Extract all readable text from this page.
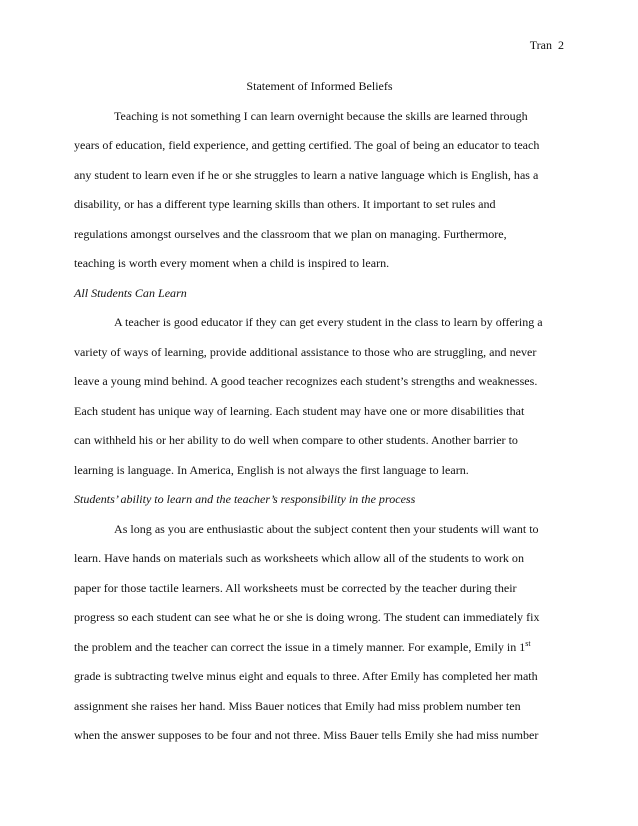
Tran 2
Statement of Informed Beliefs
Teaching is not something I can learn overnight because the skills are learned through
years of education, field experience, and getting certified. The goal of being an educator to teach
any student to learn even if he or she struggles to learn a native language which is English, has a
disability, or has a different type learning skills than others. It important to set rules and
regulations amongst ourselves and the classroom that we plan on managing. Furthermore,
teaching is worth every moment when a child is inspired to learn.
All Students Can Learn
A teacher is good educator if they can get every student in the class to learn by offering a
variety of ways of learning, provide additional assistance to those who are struggling, and never
leave a young mind behind. A good teacher recognizes each student’s strengths and weaknesses.
Each student has unique way of learning. Each student may have one or more disabilities that
can withheld his or her ability to do well when compare to other students. Another barrier to
learning is language. In America, English is not always the first language to learn.
Students’ ability to learn and the teacher’s responsibility in the process
As long as you are enthusiastic about the subject content then your students will want to
learn. Have hands on materials such as worksheets which allow all of the students to work on
paper for those tactile learners. All worksheets must be corrected by the teacher during their
progress so each student can see what he or she is doing wrong. The student can immediately fix
the problem and the teacher can correct the issue in a timely manner. For example, Emily in 1st
grade is subtracting twelve minus eight and equals to three. After Emily has completed her math
assignment she raises her hand. Miss Bauer notices that Emily had miss problem number ten
when the answer supposes to be four and not three. Miss Bauer tells Emily she had miss number
